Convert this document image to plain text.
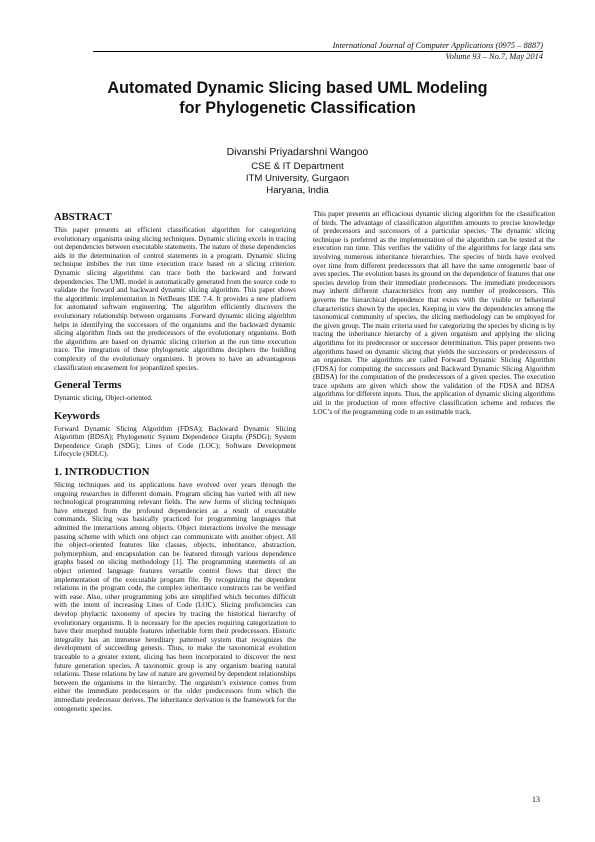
International Journal of Computer Applications (0975 – 8887)
Volume 93 – No.7, May 2014
Automated Dynamic Slicing based UML Modeling
for Phylogenetic Classification
Divanshi Priyadarshni Wangoo
CSE & IT Department
ITM University, Gurgaon
Haryana, India
ABSTRACT

This paper presents an efficient classification algorithm for categorizing evolutionary organisms using slicing techniques. Dynamic slicing excels in tracing out dependencies between executable statements. The nature of these dependencies aids in the determination of control statements in a program. Dynamic slicing technique imbibes the run time execution trace based on a slicing criterion. Dynamic slicing algorithms can trace both the backward and forward dependencies. The UML model is automatically generated from the source code to validate the forward and backward dynamic slicing algorithm. This paper shows the algorithmic implementation in NetBeans IDE 7.4. It provides a new platform for automated software engineering. The algorithm efficiently discovers the evolutionary relationship between organisms .Forward dynamic slicing algorithm helps in identifying the successors of the organisms and the backward dynamic slicing algorithm finds out the predecessors of the evolutionary organisms. Both the algorithms are based on dynamic slicing criterion at the run time execution trace. The integration of these phylogenetic algorithms deciphers the building complexity of the evolutionary organisms. It proves to have an advantageous classification encasement for jeopardized species.

General Terms

Dynamic slicing, Object-oriented.

Keywords

Forward Dynamic Slicing Algorithm (FDSA); Backward Dynamic Slicing Algorithm (BDSA); Phylogenetic System Dependence Graphs (PSDG); System Dependence Graph (SDG); Lines of Code (LOC); Software Development Lifecycle (SDLC).

1. INTRODUCTION

Slicing techniques and its applications have evolved over years through the ongoing researches in different domain. Program slicing has varied with all new technological programming relevant fields. The new forms of slicing techniques have emerged from the profound dependencies as a result of executable commands. Slicing was basically practiced for programming languages that admitted the interactions among objects. Object interactions involve the message passing scheme with which one object can communicate with another object. All the object-oriented features like classes, objects, inheritance, abstraction, polymorphism, and encapsulation can be featured through various dependence graphs based on slicing methodology [1]. The programming statements of an object oriented language features versatile control flows that direct the implementation of the executable program file. By recognizing the dependent relations in the program code, the complex inheritance constructs can be verified with ease. Also, other programming jobs are simplified which becomes difficult with the intent of increasing Lines of Code (LOC). Slicing proficiencies can develop phylactic taxonomy of species by tracing the historical hierarchy of evolutionary organisms. It is necessary for the species requiring categorization to have their morphed mutable features inheritable form their predecessors. Historic integrality has an immense hereditary patterned system that recognizes the development of succeeding genesis. Thus, to make the taxonomical evolution traceable to a greater extent, slicing has been incorporated to discover the next future generation species. A taxonomic group is any organism bearing natural relations. These relations by law of nature are governed by dependent relationships between the organisms in the hierarchy. The organism’s existence comes from either the immediate predecessors or the older predecessors from which the immediate predecessor derives. The inheritance derivation is the framework for the ontogenetic species.

This paper presents an efficacious dynamic slicing algorithm for the classification of birds. The advantage of classification algorithm amounts to precise knowledge of predecessors and successors of a particular species. The dynamic slicing technique is preferred as the implementation of the algorithm can be tested at the execution run time. This verifies the validity of the algorithms for large data sets involving numerous inheritance hierarchies. The species of birds have evolved over time from different predecessors that all have the same ontogenetic base of aves species. The evolution bases its ground on the dependence of features that one species develop from their immediate predecessors. The immediate predecessors may inherit different characteristics from any number of predecessors. This governs the hierarchical dependence that exists with the visible or behavioral characteristics shown by the species. Keeping in view the dependencies among the taxonomical community of species, the slicing methodology can be employed for the given group. The main criteria used for categorizing the species by slicing is by tracing the inheritance hierarchy of a given organism and applying the slicing algorithms for its predecessor or successor determination. This paper presents two algorithms based on dynamic slicing that yields the successors or predecessors of an organism. The algorithms are called Forward Dynamic Slicing Algorithm (FDSA) for computing the successors and Backward Dynamic Slicing Algorithm (BDSA) for the computation of the predecessors of a given species. The execution trace upshots are given which show the validation of the FDSA and BDSA algorithms for different inputs. Thus, the application of dynamic slicing algorithms aid in the production of more effective classification scheme and reduces the LOC’s of the programming code to an estimable track.

13
